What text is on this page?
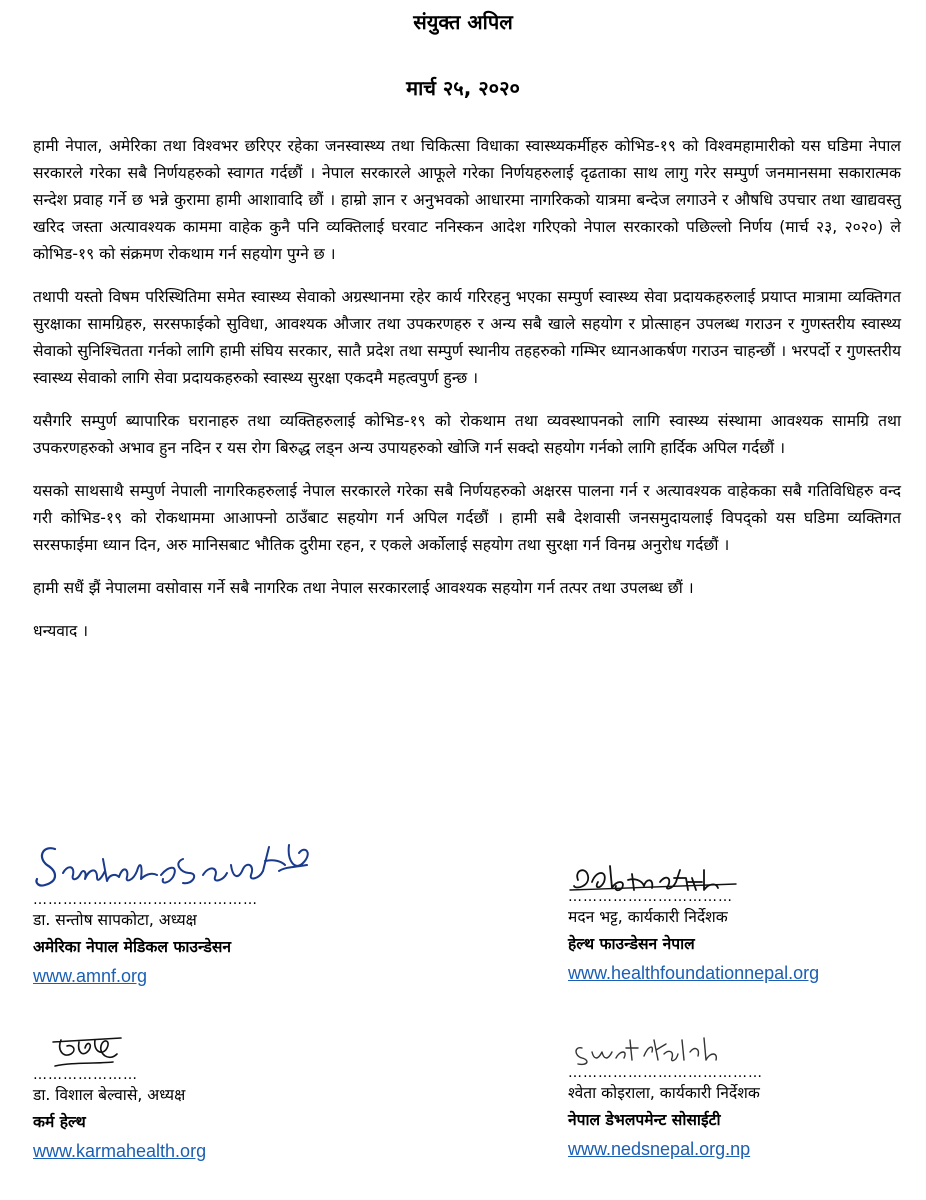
संयुक्त अपिल
मार्च २५, २०२०

हामी नेपाल, अमेरिका तथा विश्वभर छरिएर रहेका जनस्वास्थ्य तथा चिकित्सा विधाका स्वास्थ्यकर्मीहरु कोभिड-१९ को विश्वमहामारीको यस घडिमा नेपाल सरकारले गरेका सबै निर्णयहरुको स्वागत गर्दछौं । नेपाल सरकारले आफूले गरेका निर्णयहरुलाई दृढताका साथ लागु गरेर सम्पुर्ण जनमानसमा सकारात्मक सन्देश प्रवाह गर्ने छ भन्ने कुरामा हामी आशावादि छौं । हाम्रो ज्ञान र अनुभवको आधारमा नागरिकको यात्रमा बन्देज लगाउने र औषधि उपचार तथा खाद्यवस्तु खरिद जस्ता अत्यावश्यक काममा वाहेक कुनै पनि व्यक्तिलाई घरवाट ननिस्कन आदेश गरिएको नेपाल सरकारको पछिल्लो निर्णय (मार्च २३, २०२०) ले कोभिड-१९ को संक्रमण रोकथाम गर्न सहयोग पुग्ने छ ।

तथापी यस्तो विषम परिस्थितिमा समेत स्वास्थ्य सेवाको अग्रस्थानमा रहेर कार्य गरिरहनु भएका सम्पुर्ण स्वास्थ्य सेवा प्रदायकहरुलाई प्रयाप्त मात्रामा व्यक्तिगत सुरक्षाका सामग्रिहरु, सरसफाईको सुविधा, आवश्यक औजार तथा उपकरणहरु र अन्य सबै खाले सहयोग र प्रोत्साहन उपलब्ध गराउन र गुणस्तरीय स्वास्थ्य सेवाको सुनिश्चितता गर्नको लागि हामी संघिय सरकार, सातै प्रदेश तथा सम्पुर्ण स्थानीय तहहरुको गम्भिर ध्यानआकर्षण गराउन चाहन्छौं । भरपर्दो र गुणस्तरीय स्वास्थ्य सेवाको लागि सेवा प्रदायकहरुको स्वास्थ्य सुरक्षा एकदमै महत्वपुर्ण हुन्छ ।

यसैगरि सम्पुर्ण ब्यापारिक घरानाहरु तथा व्यक्तिहरुलाई कोभिड-१९ को रोकथाम तथा व्यवस्थापनको लागि स्वास्थ्य संस्थामा आवश्यक सामग्रि तथा उपकरणहरुको अभाव हुन नदिन र यस रोग बिरुद्ध लड्न अन्य उपायहरुको खोजि गर्न सक्दो सहयोग गर्नको लागि हार्दिक अपिल गर्दछौं ।

यसको साथसाथै सम्पुर्ण नेपाली नागरिकहरुलाई नेपाल सरकारले गरेका सबै निर्णयहरुको अक्षरस पालना गर्न र अत्यावश्यक वाहेकका सबै गतिविधिहरु वन्द गरी कोभिड-१९ को रोकथाममा आआफ्नो ठाउँबाट सहयोग गर्न अपिल गर्दछौं । हामी सबै देशवासी जनसमुदायलाई विपद्को यस घडिमा व्यक्तिगत सरसफाईमा ध्यान दिन, अरु मानिसबाट भौतिक दुरीमा रहन, र एकले अर्कोलाई सहयोग तथा सुरक्षा गर्न विनम्र अनुरोध गर्दछौं ।

हामी सधैं झैं नेपालमा वसोवास गर्ने सबै नागरिक तथा नेपाल सरकारलाई आवश्यक सहयोग गर्न तत्पर तथा उपलब्ध छौं ।

धन्यवाद ।

………………………………………
डा. सन्तोष सापकोटा, अध्यक्ष
अमेरिका नेपाल मेडिकल फाउन्डेसन
www.amnf.org
……………………………
मदन भट्ट, कार्यकारी निर्देशक
हेल्थ फाउन्डेसन नेपाल
www.healthfoundationnepal.org
…………………
डा. विशाल बेल्वासे, अध्यक्ष
कर्म हेल्थ
www.karmahealth.org
…………………………………
श्वेता कोइराला, कार्यकारी निर्देशक
नेपाल डेभलपमेन्ट सोसाईटी
www.nedsnepal.org.np
